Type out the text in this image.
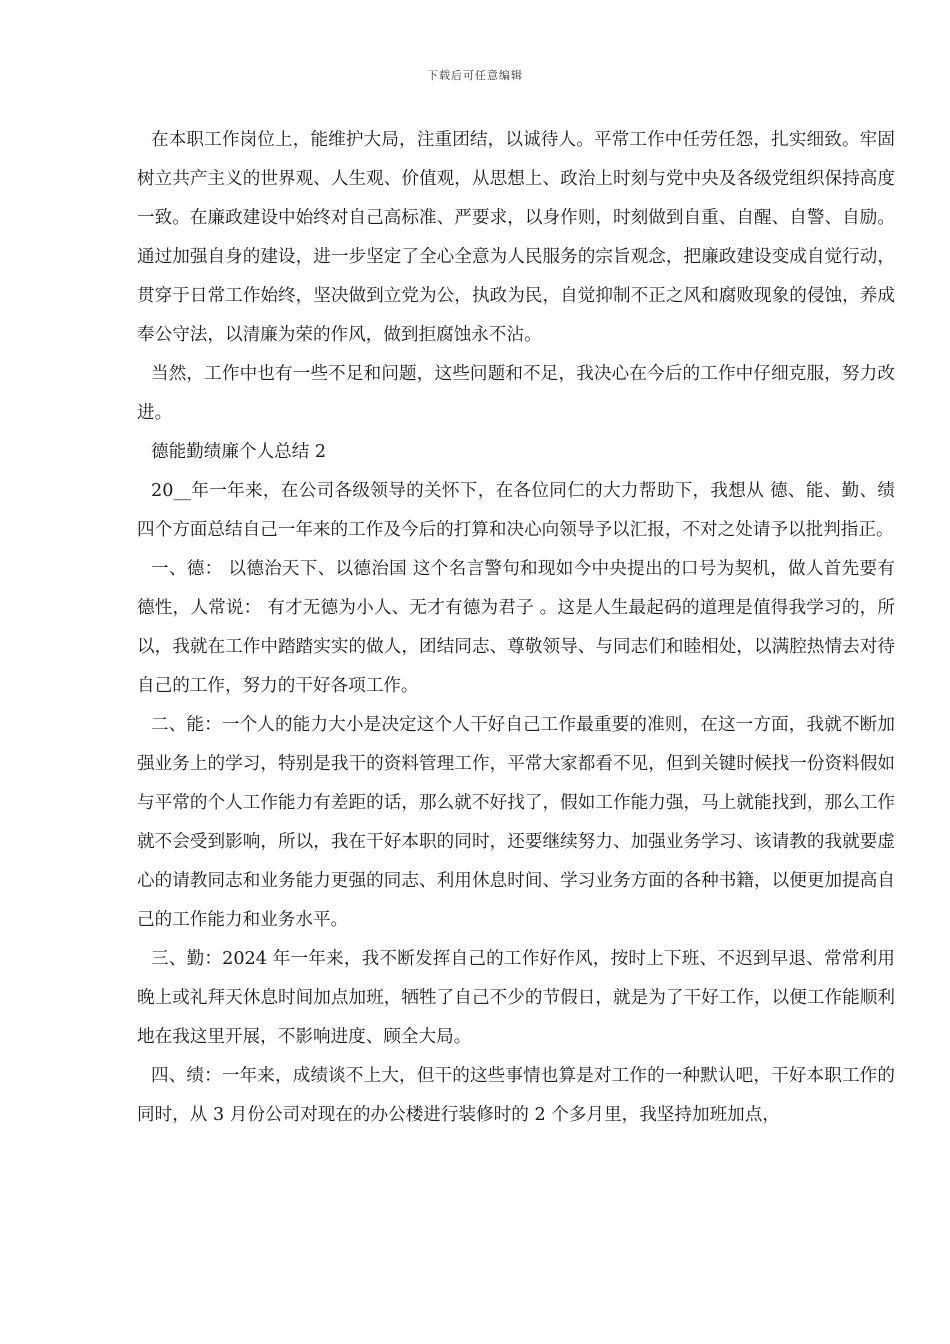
下载后可任意编辑

在本职工作岗位上，能维护大局，注重团结，以诚待人。平常工作中任劳任怨，扎实细致。牢固树立共产主义的世界观、人生观、价值观，从思想上、政治上时刻与党中央及各级党组织保持高度一致。在廉政建设中始终对自己高标准、严要求，以身作则，时刻做到自重、自醒、自警、自励。通过加强自身的建设，进一步坚定了全心全意为人民服务的宗旨观念，把廉政建设变成自觉行动，贯穿于日常工作始终，坚决做到立党为公，执政为民，自觉抑制不正之风和腐败现象的侵蚀，养成奉公守法，以清廉为荣的作风，做到拒腐蚀永不沾。

当然，工作中也有一些不足和问题，这些问题和不足，我决心在今后的工作中仔细克服，努力改进。

德能勤绩廉个人总结 2

20__年一年来，在公司各级领导的关怀下，在各位同仁的大力帮助下，我想从 德、能、勤、绩 四个方面总结自己一年来的工作及今后的打算和决心向领导予以汇报，不对之处请予以批判指正。

一、德： 以德治天下、以德治国 这个名言警句和现如今中央提出的口号为契机，做人首先要有德性，人常说： 有才无德为小人、无才有德为君子 。这是人生最起码的道理是值得我学习的，所以，我就在工作中踏踏实实的做人，团结同志、尊敬领导、与同志们和睦相处，以满腔热情去对待自己的工作，努力的干好各项工作。

二、能：一个人的能力大小是决定这个人干好自己工作最重要的准则，在这一方面，我就不断加强业务上的学习，特别是我干的资料管理工作，平常大家都看不见，但到关键时候找一份资料假如与平常的个人工作能力有差距的话，那么就不好找了，假如工作能力强，马上就能找到，那么工作就不会受到影响，所以，我在干好本职的同时，还要继续努力、加强业务学习、该请教的我就要虚心的请教同志和业务能力更强的同志、利用休息时间、学习业务方面的各种书籍，以便更加提高自己的工作能力和业务水平。

三、勤：2024 年一年来，我不断发挥自己的工作好作风，按时上下班、不迟到早退、常常利用晚上或礼拜天休息时间加点加班，牺牲了自己不少的节假日，就是为了干好工作，以便工作能顺利地在我这里开展，不影响进度、顾全大局。

四、绩：一年来，成绩谈不上大，但干的这些事情也算是对工作的一种默认吧，干好本职工作的同时，从 3 月份公司对现在的办公楼进行装修时的 2 个多月里，我坚持加班加点，
